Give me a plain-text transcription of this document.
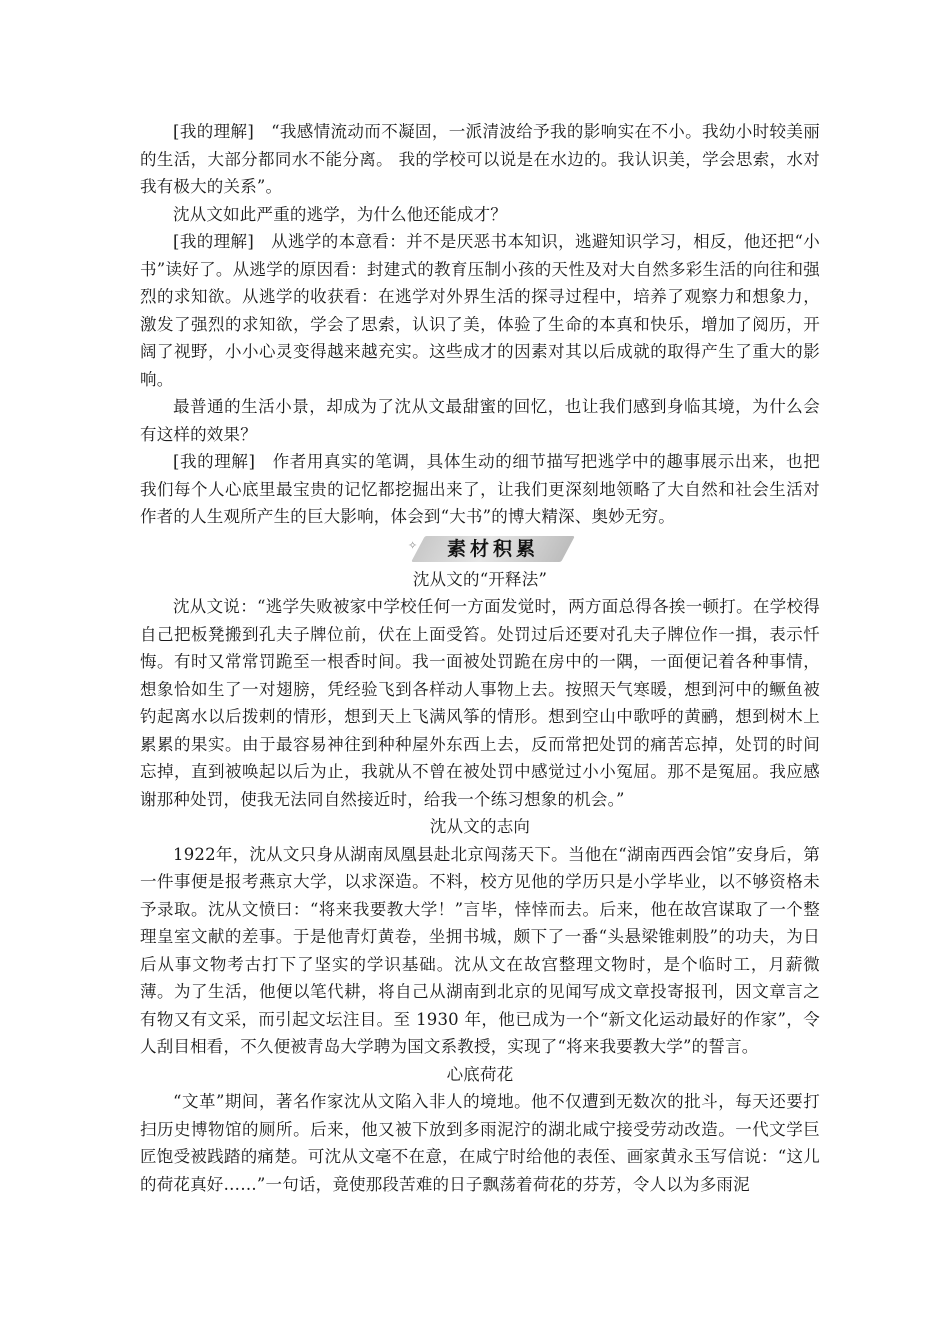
[我的理解]　“我感情流动而不凝固，一派清波给予我的影响实在不小。我幼小时较美丽的生活，大部分都同水不能分离。 我的学校可以说是在水边的。我认识美，学会思索，水对我有极大的关系”。

沈从文如此严重的逃学，为什么他还能成才？

[我的理解]　从逃学的本意看：并不是厌恶书本知识，逃避知识学习，相反，他还把“小书”读好了。从逃学的原因看：封建式的教育压制小孩的天性及对大自然多彩生活的向往和强烈的求知欲。从逃学的收获看：在逃学对外界生活的探寻过程中，培养了观察力和想象力，激发了强烈的求知欲，学会了思索，认识了美，体验了生命的本真和快乐，增加了阅历，开阔了视野，小小心灵变得越来越充实。这些成才的因素对其以后成就的取得产生了重大的影响。

最普通的生活小景，却成为了沈从文最甜蜜的回忆，也让我们感到身临其境，为什么会有这样的效果？

[我的理解]　作者用真实的笔调，具体生动的细节描写把逃学中的趣事展示出来，也把我们每个人心底里最宝贵的记忆都挖掘出来了，让我们更深刻地领略了大自然和社会生活对作者的人生观所产生的巨大影响，体会到“大书”的博大精深、奥妙无穷。

✧	素材积累

沈从文的“开释法”

沈从文说：“逃学失败被家中学校任何一方面发觉时，两方面总得各挨一顿打。在学校得自己把板凳搬到孔夫子牌位前，伏在上面受笞。处罚过后还要对孔夫子牌位作一揖，表示忏悔。有时又常常罚跪至一根香时间。我一面被处罚跪在房中的一隅，一面便记着各种事情，想象恰如生了一对翅膀，凭经验飞到各样动人事物上去。按照天气寒暖，想到河中的鳜鱼被钓起离水以后拨剌的情形，想到天上飞满风筝的情形。想到空山中歌呼的黄鹂，想到树木上累累的果实。由于最容易神往到种种屋外东西上去，反而常把处罚的痛苦忘掉，处罚的时间忘掉，直到被唤起以后为止，我就从不曾在被处罚中感觉过小小冤屈。那不是冤屈。我应感谢那种处罚，使我无法同自然接近时，给我一个练习想象的机会。”

沈从文的志向

1922年，沈从文只身从湖南凤凰县赴北京闯荡天下。当他在“湖南西西会馆”安身后，第一件事便是报考燕京大学，以求深造。不料，校方见他的学历只是小学毕业，以不够资格未予录取。沈从文愤曰：“将来我要教大学！”言毕，悻悻而去。后来，他在故宫谋取了一个整理皇室文献的差事。于是他青灯黄卷，坐拥书城，颇下了一番“头悬梁锥刺股”的功夫，为日后从事文物考古打下了坚实的学识基础。沈从文在故宫整理文物时，是个临时工，月薪微薄。为了生活，他便以笔代耕，将自己从湖南到北京的见闻写成文章投寄报刊，因文章言之有物又有文采，而引起文坛注目。至 1930 年，他已成为一个“新文化运动最好的作家”，令人刮目相看，不久便被青岛大学聘为国文系教授，实现了“将来我要教大学”的誓言。

心底荷花

“文革”期间，著名作家沈从文陷入非人的境地。他不仅遭到无数次的批斗，每天还要打扫历史博物馆的厕所。后来，他又被下放到多雨泥泞的湖北咸宁接受劳动改造。一代文学巨匠饱受被践踏的痛楚。可沈从文毫不在意，在咸宁时给他的表侄、画家黄永玉写信说：“这儿的荷花真好……”一句话，竟使那段苦难的日子飘荡着荷花的芬芳，令人以为多雨泥
